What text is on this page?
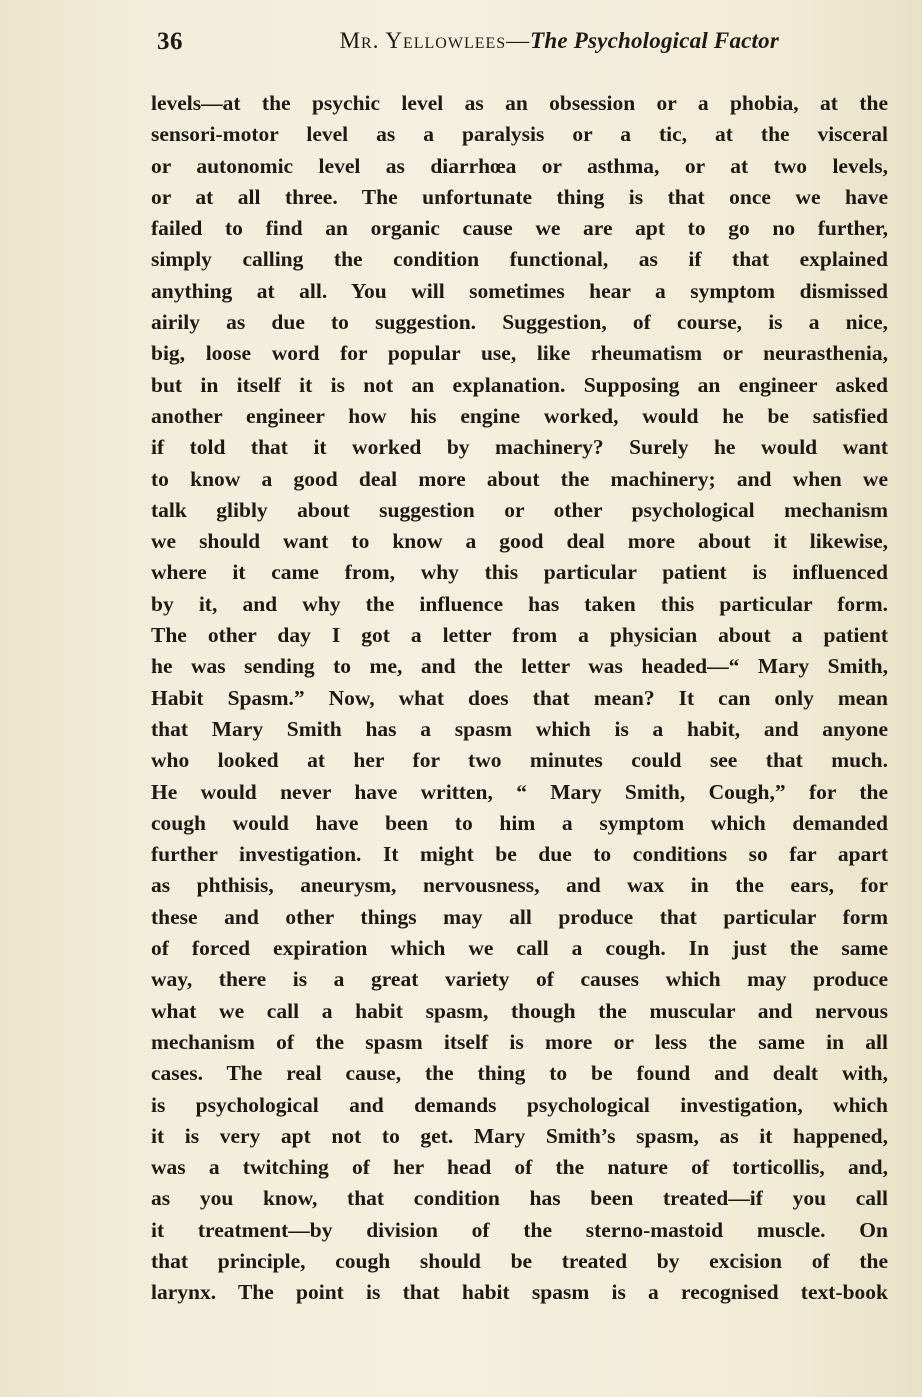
36	Mr. Yellowlees—The Psychological Factor
levels—at the psychic level as an obsession or a phobia, at the
sensori-motor level as a paralysis or a tic, at the visceral
or autonomic level as diarrhœa or asthma, or at two levels,
or at all three. The unfortunate thing is that once we have
failed to find an organic cause we are apt to go no further,
simply calling the condition functional, as if that explained
anything at all. You will sometimes hear a symptom dismissed
airily as due to suggestion. Suggestion, of course, is a nice,
big, loose word for popular use, like rheumatism or neurasthenia,
but in itself it is not an explanation. Supposing an engineer asked
another engineer how his engine worked, would he be satisfied
if told that it worked by machinery? Surely he would want
to know a good deal more about the machinery; and when we
talk glibly about suggestion or other psychological mechanism
we should want to know a good deal more about it likewise,
where it came from, why this particular patient is influenced
by it, and why the influence has taken this particular form.
The other day I got a letter from a physician about a patient
he was sending to me, and the letter was headed—“ Mary Smith,
Habit Spasm.” Now, what does that mean? It can only mean
that Mary Smith has a spasm which is a habit, and anyone
who looked at her for two minutes could see that much.
He would never have written, “ Mary Smith, Cough,” for the
cough would have been to him a symptom which demanded
further investigation. It might be due to conditions so far apart
as phthisis, aneurysm, nervousness, and wax in the ears, for
these and other things may all produce that particular form
of forced expiration which we call a cough. In just the same
way, there is a great variety of causes which may produce
what we call a habit spasm, though the muscular and nervous
mechanism of the spasm itself is more or less the same in all
cases. The real cause, the thing to be found and dealt with,
is psychological and demands psychological investigation, which
it is very apt not to get. Mary Smith’s spasm, as it happened,
was a twitching of her head of the nature of torticollis, and,
as you know, that condition has been treated—if you call
it treatment—by division of the sterno-mastoid muscle. On
that principle, cough should be treated by excision of the
larynx. The point is that habit spasm is a recognised text-book
